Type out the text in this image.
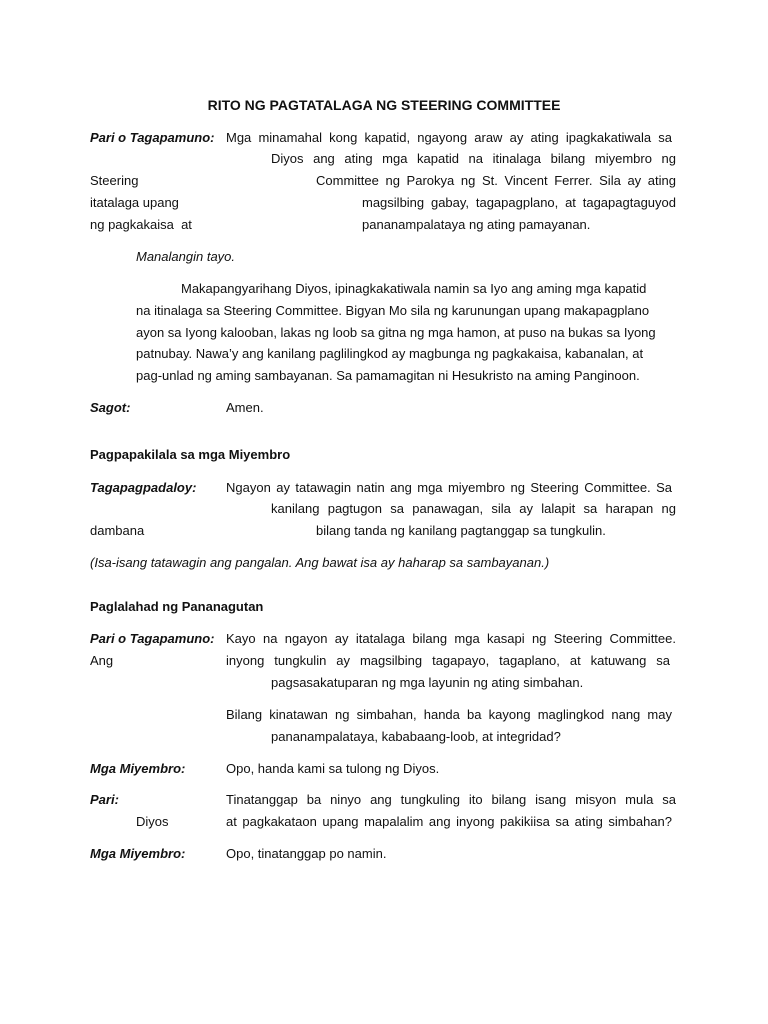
RITO NG PAGTATALAGA NG STEERING COMMITTEE
Pari o Tagapamuno: Mga minamahal kong kapatid, ngayong araw ay ating ipagkakatiwala sa
Diyos ang ating mga kapatid na itinalaga bilang miyembro ng
Steering	Committee ng Parokya ng St. Vincent Ferrer. Sila ay ating
itatalaga upang	magsilbing gabay, tagapagplano, at tagapagtaguyod
ng pagkakaisa  at	pananampalataya ng ating pamayanan.
Manalangin tayo.
Makapangyarihang Diyos, ipinagkakatiwala namin sa Iyo ang aming mga kapatid
na itinalaga sa Steering Committee. Bigyan Mo sila ng karunungan upang makapagplano
ayon sa Iyong kalooban, lakas ng loob sa gitna ng mga hamon, at puso na bukas sa Iyong
patnubay. Nawa’y ang kanilang paglilingkod ay magbunga ng pagkakaisa, kabanalan, at
pag-unlad ng aming sambayanan. Sa pamamagitan ni Hesukristo na aming Panginoon.
Sagot:	Amen.
Pagpapakilala sa mga Miyembro
Tagapagpadaloy: Ngayon ay tatawagin natin ang mga miyembro ng Steering Committee. Sa
kanilang pagtugon sa panawagan, sila ay lalapit sa harapan ng
dambana	bilang tanda ng kanilang pagtanggap sa tungkulin.
(Isa-isang tatawagin ang pangalan. Ang bawat isa ay haharap sa sambayanan.)
Paglalahad ng Pananagutan
Pari o Tagapamuno: Kayo na ngayon ay itatalaga bilang mga kasapi ng Steering Committee.
Ang	inyong tungkulin ay magsilbing tagapayo, tagaplano, at katuwang sa
pagsasakatuparan ng mga layunin ng ating simbahan.
Bilang kinatawan ng simbahan, handa ba kayong maglingkod nang may
pananampalataya, kababaang-loob, at integridad?
Mga Miyembro:	Opo, handa kami sa tulong ng Diyos.
Pari:	Tinatanggap ba ninyo ang tungkuling ito bilang isang misyon mula sa
Diyos	at pagkakataon upang mapalalim ang inyong pakikiisa sa ating simbahan?
Mga Miyembro:	Opo, tinatanggap po namin.
